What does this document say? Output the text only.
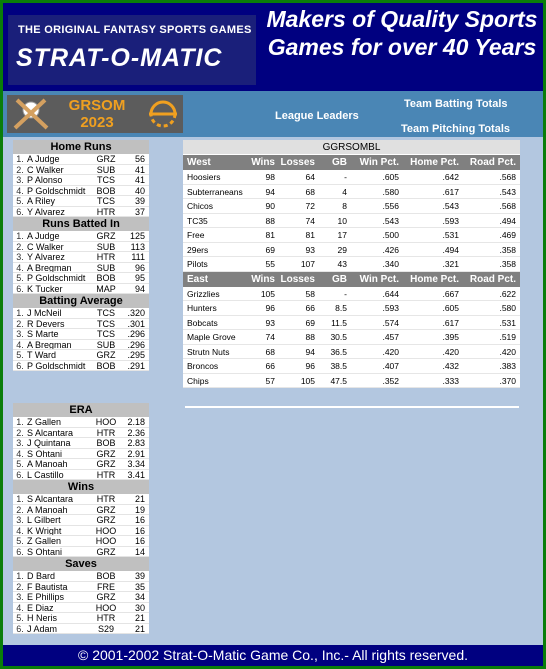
THE ORIGINAL FANTASY SPORTS GAMES
STRAT-O-MATIC
Makers of Quality Sports Games for over 40 Years
GRSOM
2023	League Leaders
Team Batting Totals
Team Pitching Totals
Home Runs
1. A Judge	GRZ	56
2. C Walker	SUB	41
3. P Alonso	TCS	41
4. P Goldschmidt	BOB	40
5. A Riley	TCS	39
6. Y Alvarez	HTR	37
Runs Batted In
1. A Judge	GRZ	125
2. C Walker	SUB	113
3. Y Alvarez	HTR	111
4. A Bregman	SUB	96
5. P Goldschmidt	BOB	95
6. K Tucker	MAP	94
Batting Average
1. J McNeil	TCS	.320
2. R Devers	TCS	.301
3. S Marte	TCS	.296
4. A Bregman	SUB	.296
5. T Ward	GRZ	.295
6. P Goldschmidt	BOB	.291
ERA
1. Z Gallen	HOO	2.18
2. S Alcantara	HTR	2.36
3. J Quintana	BOB	2.83
4. S Ohtani	GRZ	2.91
5. A Manoah	GRZ	3.34
6. L Castillo	HTR	3.41
Wins
1. S Alcantara	HTR	21
2. A Manoah	GRZ	19
3. L Gilbert	GRZ	16
4. K Wright	HOO	16
5. Z Gallen	HOO	16
6. S Ohtani	GRZ	14
Saves
1. D Bard	BOB	39
2. F Bautista	FRE	35
3. E Phillips	GRZ	34
4. E Diaz	HOO	30
5. H Neris	HTR	21
6. J Adam	S29	21
GGRSOMBL
West	Wins Losses	GB	Win Pct.	Home Pct.	Road Pct.
Hoosiers	98	64	-	.605	.642	.568
Subterraneans	94	68	4	.580	.617	.543
Chicos	90	72	8	.556	.543	.568
TC35	88	74	10	.543	.593	.494
Free	81	81	17	.500	.531	.469
29ers	69	93	29	.426	.494	.358
Pilots	55	107	43	.340	.321	.358
East	Wins Losses	GB	Win Pct.	Home Pct.	Road Pct.
Grizzlies	105	58	-	.644	.667	.622
Hunters	96	66	8.5	.593	.605	.580
Bobcats	93	69	11.5	.574	.617	.531
Maple Grove	74	88	30.5	.457	.395	.519
Strutn Nuts	68	94	36.5	.420	.420	.420
Broncos	66	96	38.5	.407	.432	.383
Chips	57	105	47.5	.352	.333	.370
© 2001-2002 Strat-O-Matic Game Co., Inc.- All rights reserved.
